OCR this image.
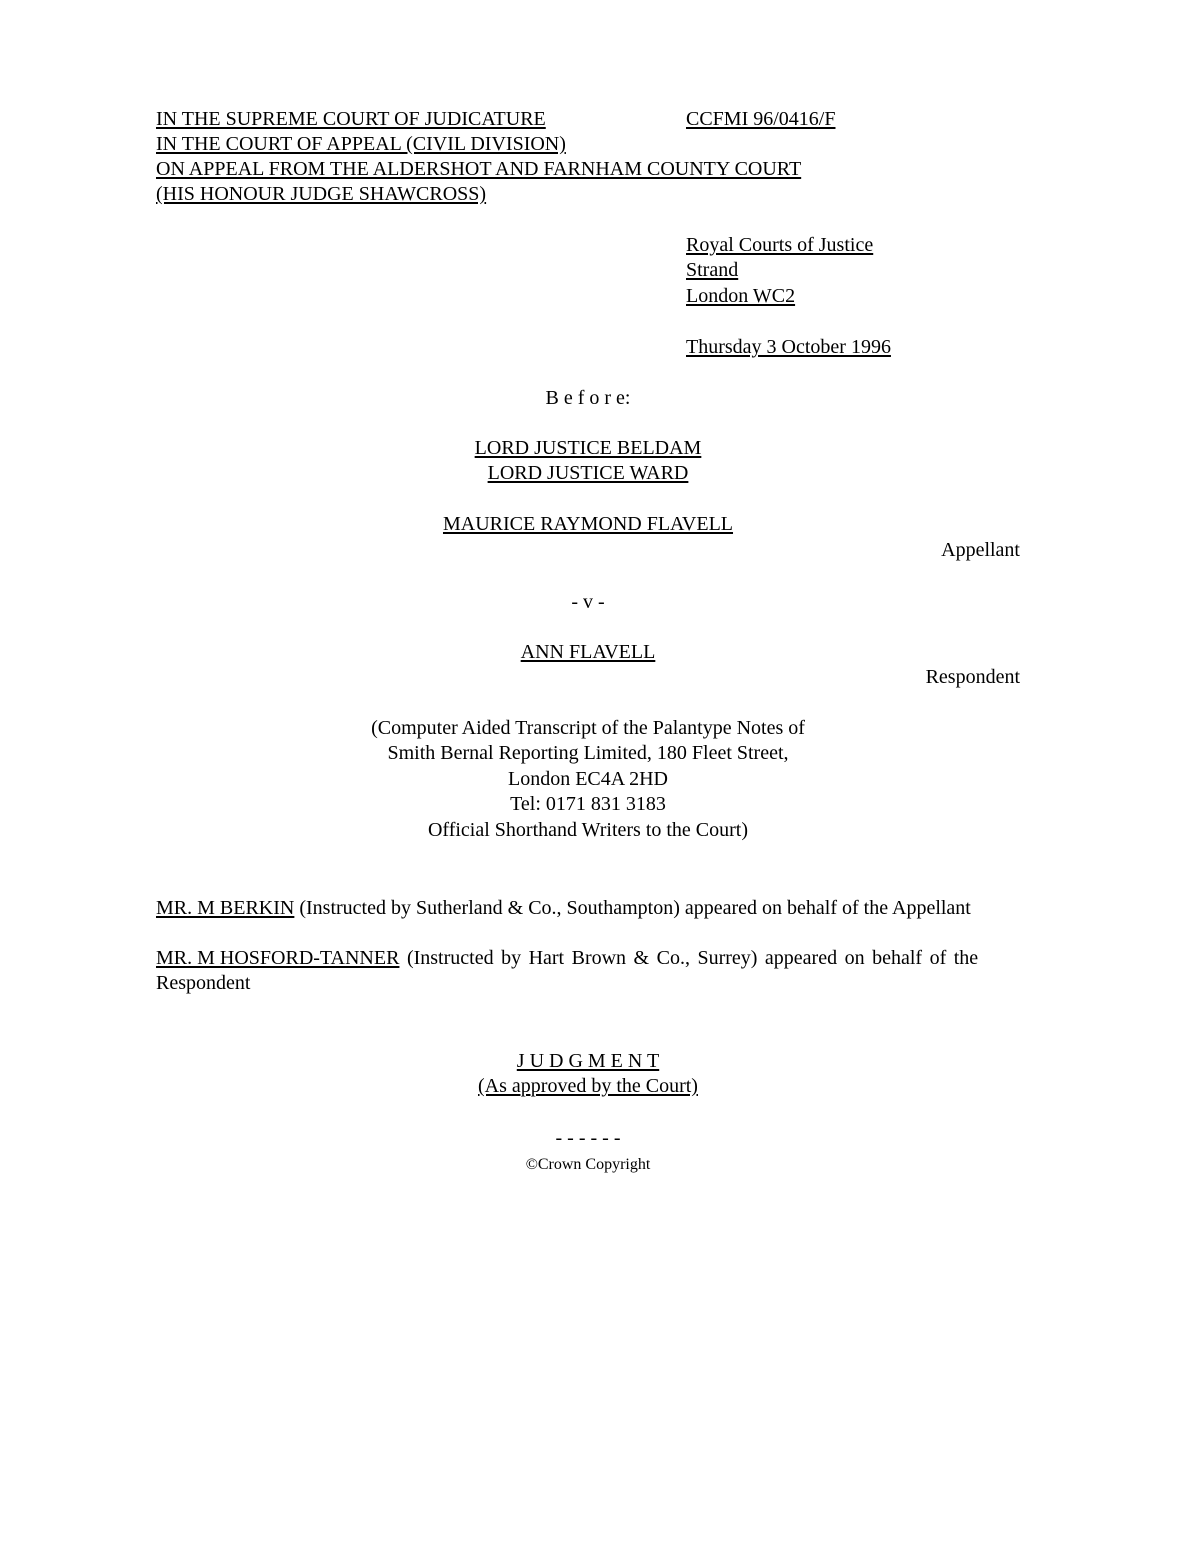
IN THE SUPREME COURT OF JUDICATURE	CCFMI 96/0416/F
IN THE COURT OF APPEAL (CIVIL DIVISION)
ON APPEAL FROM THE ALDERSHOT AND FARNHAM COUNTY COURT
(HIS HONOUR JUDGE SHAWCROSS)
Royal Courts of Justice
Strand
London WC2
Thursday 3 October 1996
B e f o r e:
LORD JUSTICE BELDAM
LORD JUSTICE WARD
MAURICE RAYMOND FLAVELL
Appellant
- v -
ANN FLAVELL
Respondent
(Computer Aided Transcript of the Palantype Notes of
Smith Bernal Reporting Limited, 180 Fleet Street,
London EC4A 2HD
Tel: 0171 831 3183
Official Shorthand Writers to the Court)
MR. M BERKIN (Instructed by Sutherland & Co., Southampton) appeared on behalf of the Appellant
MR. M HOSFORD-TANNER (Instructed by Hart Brown & Co., Surrey) appeared on behalf of the
Respondent
J U D G M E N T
(As approved by the Court)
- - - - - -
©Crown Copyright
